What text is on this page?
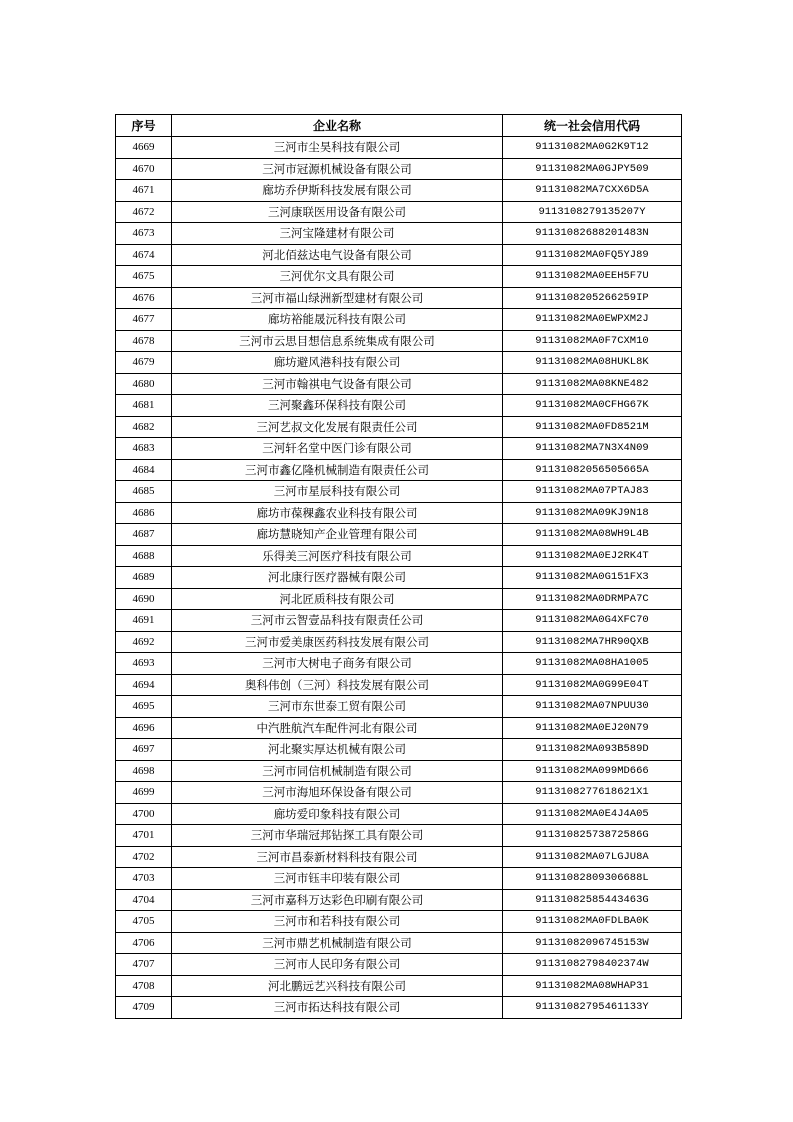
序号	企业名称	统一社会信用代码
4669	三河市尘昊科技有限公司	91131082MA0G2K9T12
4670	三河市冠源机械设备有限公司	91131082MA0GJPY509
4671	廊坊乔伊斯科技发展有限公司	91131082MA7CXX6D5A
4672	三河康联医用设备有限公司	9113108279135207Y
4673	三河宝隆建材有限公司	91131082688201483N
4674	河北佰兹达电气设备有限公司	91131082MA0FQ5YJ89
4675	三河优尔文具有限公司	91131082MA0EEH5F7U
4676	三河市福山绿洲新型建材有限公司	9113108205266259IP
4677	廊坊裕能晟沅科技有限公司	91131082MA0EWPXM2J
4678	三河市云思目想信息系统集成有限公司	91131082MA0F7CXM10
4679	廊坊避风港科技有限公司	91131082MA08HUKL8K
4680	三河市翰祺电气设备有限公司	91131082MA08KNE482
4681	三河聚鑫环保科技有限公司	91131082MA0CFHG67K
4682	三河艺叔文化发展有限责任公司	91131082MA0FD8521M
4683	三河轩名堂中医门诊有限公司	91131082MA7N3X4N09
4684	三河市鑫亿隆机械制造有限责任公司	91131082056505665A
4685	三河市星辰科技有限公司	91131082MA07PTAJ83
4686	廊坊市葆稞鑫农业科技有限公司	91131082MA09KJ9N18
4687	廊坊慧晓知产企业管理有限公司	91131082MA08WH9L4B
4688	乐得美三河医疗科技有限公司	91131082MA0EJ2RK4T
4689	河北康行医疗器械有限公司	91131082MA0G151FX3
4690	河北匠质科技有限公司	91131082MA0DRMPA7C
4691	三河市云智壹品科技有限责任公司	91131082MA0G4XFC70
4692	三河市爱美康医药科技发展有限公司	91131082MA7HR90QXB
4693	三河市大树电子商务有限公司	91131082MA08HA1005
4694	奥科伟创（三河）科技发展有限公司	91131082MA0G99E04T
4695	三河市东世泰工贸有限公司	91131082MA07NPUU30
4696	中汽胜航汽车配件河北有限公司	91131082MA0EJ20N79
4697	河北聚实厚达机械有限公司	91131082MA093B589D
4698	三河市同信机械制造有限公司	91131082MA099MD666
4699	三河市海旭环保设备有限公司	9113108277618621X1
4700	廊坊爱印象科技有限公司	91131082MA0E4J4A05
4701	三河市华瑞冠邦钻探工具有限公司	91131082573872586G
4702	三河市昌泰新材料科技有限公司	91131082MA07LGJU8A
4703	三河市钰丰印装有限公司	91131082809306688L
4704	三河市嘉科万达彩色印刷有限公司	91131082585443463G
4705	三河市和若科技有限公司	91131082MA0FDLBA0K
4706	三河市鼎艺机械制造有限公司	91131082096745153W
4707	三河市人民印务有限公司	91131082798402374W
4708	河北鹏远艺兴科技有限公司	91131082MA08WHAP31
4709	三河市拓达科技有限公司	91131082795461133Y
